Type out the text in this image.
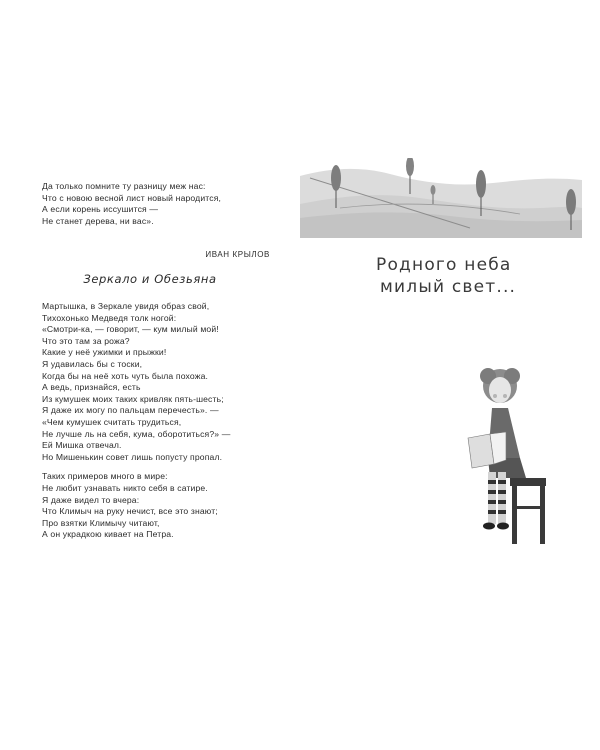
Да только помните ту разницу меж нас:
Что с новою весной лист новый народится,
А если корень иссушится —
Не станет дерева, ни вас».
ИВАН КРЫЛОВ
Зеркало и Обезьяна
Мартышка, в Зеркале увидя образ свой,
Тихохонько Медведя толк ногой:
«Смотри-ка, — говорит, — кум милый мой!
Что это там за рожа?
Какие у неё ужимки и прыжки!
Я удавилась бы с тоски,
Когда бы на неё хоть чуть была похожа.
А ведь, признайся, есть
Из кумушек моих таких кривляк пять-шесть;
Я даже их могу по пальцам перечесть». —
«Чем кумушек считать трудиться,
Не лучше ль на себя, кума, оборотиться?» —
Ей Мишка отвечал.
Но Мишенькин совет лишь попусту пропал.
Таких примеров много в мире:
Не любит узнавать никто себя в сатире.
Я даже видел то вчера:
Что Климыч на руку нечист, все это знают;
Про взятки Климычу читают,
А он украдкою кивает на Петра.
Родного неба
милый свет...
